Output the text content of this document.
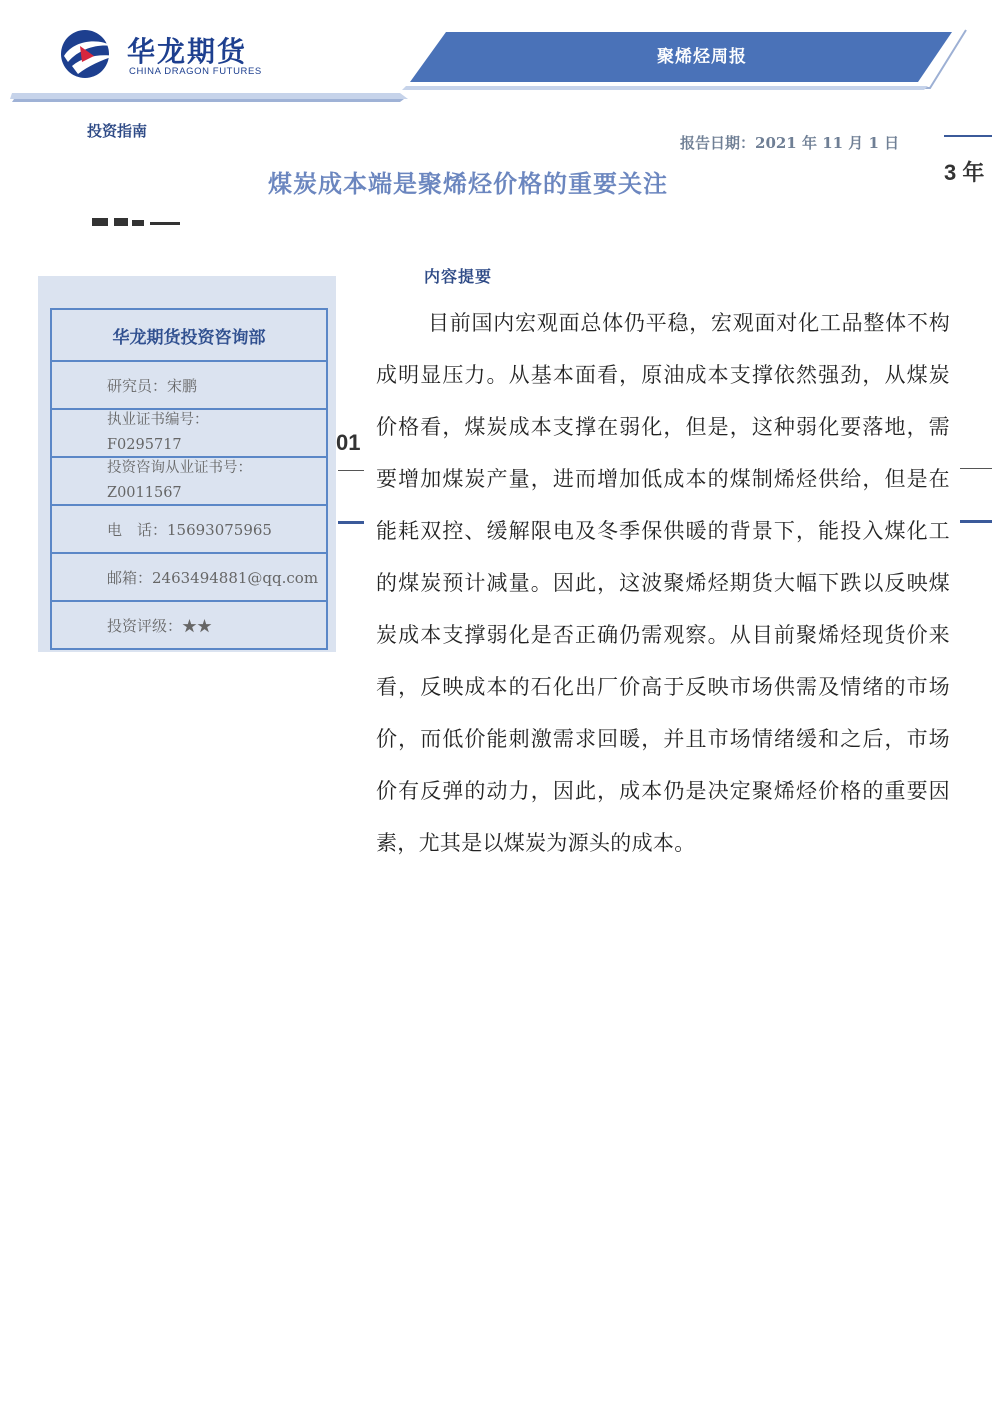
华龙期货
CHINA DRAGON FUTURES
聚烯烃周报
投资指南
报告日期：2021 年 11 月 1 日
煤炭成本端是聚烯烃价格的重要关注	3 年
华龙期货投资咨询部
研究员：宋鹏
执业证书编号：
F0295717
投资咨询从业证书号：
Z0011567
电　话：15693075965
邮箱：2463494881@qq.com
投资评级：★★
01
内容提要
目前国内宏观面总体仍平稳，宏观面对化工品整体不构成明显压力。从基本面看，原油成本支撑依然强劲，从煤炭价格看，煤炭成本支撑在弱化，但是，这种弱化要落地，需要增加煤炭产量，进而增加低成本的煤制烯烃供给，但是在能耗双控、缓解限电及冬季保供暖的背景下，能投入煤化工的煤炭预计减量。因此，这波聚烯烃期货大幅下跌以反映煤炭成本支撑弱化是否正确仍需观察。从目前聚烯烃现货价来看，反映成本的石化出厂价高于反映市场供需及情绪的市场价，而低价能刺激需求回暖，并且市场情绪缓和之后，市场价有反弹的动力，因此，成本仍是决定聚烯烃价格的重要因素，尤其是以煤炭为源头的成本。
